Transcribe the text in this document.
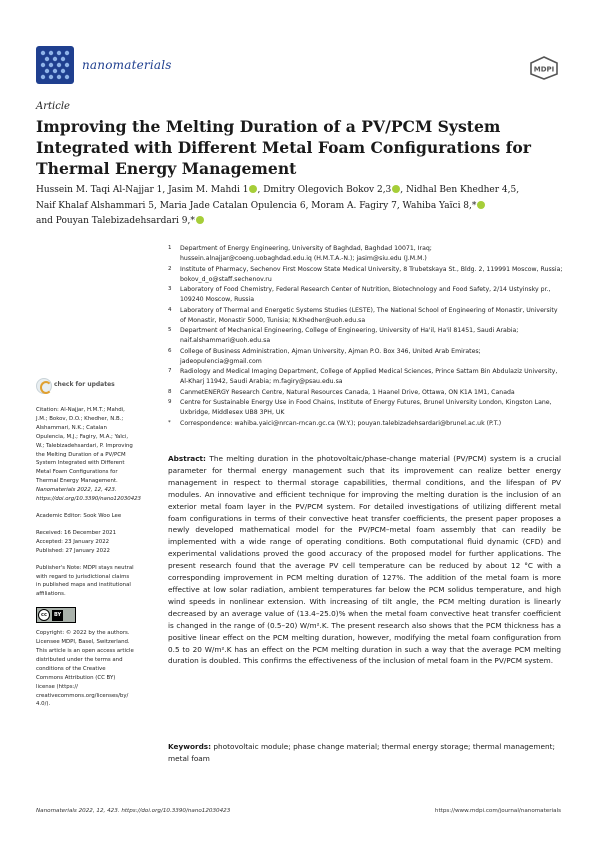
nanomaterials	MDPI
Article
Improving the Melting Duration of a PV/PCM System Integrated with Different Metal Foam Configurations for Thermal Energy Management
Hussein M. Taqi Al-Najjar 1, Jasim M. Mahdi 1 , Dmitry Olegovich Bokov 2,3 , Nidhal Ben Khedher 4,5,
Naif Khalaf Alshammari 5, Maria Jade Catalan Opulencia 6, Moram A. Fagiry 7, Wahiba Yaïci 8,*
and Pouyan Talebizadehsardari 9,*
1	Department of Energy Engineering, University of Baghdad, Baghdad 10071, Iraq; hussein.alnajjar@coeng.uobaghdad.edu.iq (H.M.T.A.-N.); jasim@siu.edu (J.M.M.)
2	Institute of Pharmacy, Sechenov First Moscow State Medical University, 8 Trubetskaya St., Bldg. 2, 119991 Moscow, Russia; bokov_d_o@staff.sechenov.ru
3	Laboratory of Food Chemistry, Federal Research Center of Nutrition, Biotechnology and Food Safety, 2/14 Ustyinsky pr., 109240 Moscow, Russia
4	Laboratory of Thermal and Energetic Systems Studies (LESTE), The National School of Engineering of Monastir, University of Monastir, Monastir 5000, Tunisia; N.Khedher@uoh.edu.sa
5	Department of Mechanical Engineering, College of Engineering, University of Ha'il, Ha'il 81451, Saudi Arabia; naif.alshammari@uoh.edu.sa
6	College of Business Administration, Ajman University, Ajman P.O. Box 346, United Arab Emirates; jadeopulencia@gmail.com
7	Radiology and Medical Imaging Department, College of Applied Medical Sciences, Prince Sattam Bin Abdulaziz University, Al-Kharj 11942, Saudi Arabia; m.fagiry@psau.edu.sa
8	CanmetENERGY Research Centre, Natural Resources Canada, 1 Haanel Drive, Ottawa, ON K1A 1M1, Canada
9	Centre for Sustainable Energy Use in Food Chains, Institute of Energy Futures, Brunel University London, Kingston Lane, Uxbridge, Middlesex UB8 3PH, UK
*	Correspondence: wahiba.yaici@nrcan-rncan.gc.ca (W.Y.); pouyan.talebizadehsardari@brunel.ac.uk (P.T.)
check for updates
Citation: Al-Najjar, H.M.T.; Mahdi, J.M.; Bokov, D.O.; Khedher, N.B.; Alshammari, N.K.; Catalan Opulencia, M.J.; Fagiry, M.A.; Yaïci, W.; Talebizadehsardari, P. Improving the Melting Duration of a PV/PCM System Integrated with Different Metal Foam Configurations for Thermal Energy Management. Nanomaterials 2022, 12, 423. https://doi.org/10.3390/nano12030423
Academic Editor: Sook Woo Lee
Received: 16 December 2021
Accepted: 23 January 2022
Published: 27 January 2022
Publisher's Note: MDPI stays neutral with regard to jurisdictional claims in published maps and institutional affiliations.
cc	BY
Copyright: © 2022 by the authors. Licensee MDPI, Basel, Switzerland. This article is an open access article distributed under the terms and conditions of the Creative Commons Attribution (CC BY) license (https:// creativecommons.org/licenses/by/ 4.0/).
Abstract: The melting duration in the photovoltaic/phase-change material (PV/PCM) system is a crucial parameter for thermal energy management such that its improvement can realize better energy management in respect to thermal storage capabilities, thermal conditions, and the lifespan of PV modules. An innovative and efficient technique for improving the melting duration is the inclusion of an exterior metal foam layer in the PV/PCM system. For detailed investigations of utilizing different metal foam configurations in terms of their convective heat transfer coefficients, the present paper proposes a newly developed mathematical model for the PV/PCM–metal foam assembly that can readily be implemented with a wide range of operating conditions. Both computational fluid dynamic (CFD) and experimental validations proved the good accuracy of the proposed model for further applications. The present research found that the average PV cell temperature can be reduced by about 12 °C with a corresponding improvement in PCM melting duration of 127%. The addition of the metal foam is more effective at low solar radiation, ambient temperatures far below the PCM solidus temperature, and high wind speeds in nonlinear extension. With increasing of tilt angle, the PCM melting duration is linearly decreased by an average value of (13.4–25.0)% when the metal foam convective heat transfer coefficient is changed in the range of (0.5–20) W/m².K. The present research also shows that the PCM thickness has a positive linear effect on the PCM melting duration, however, modifying the metal foam configuration from 0.5 to 20 W/m².K has an effect on the PCM melting duration in such a way that the average PCM melting duration is doubled. This confirms the effectiveness of the inclusion of metal foam in the PV/PCM system.
Keywords: photovoltaic module; phase change material; thermal energy storage; thermal management; metal foam
Nanomaterials 2022, 12, 423. https://doi.org/10.3390/nano12030423	https://www.mdpi.com/journal/nanomaterials
